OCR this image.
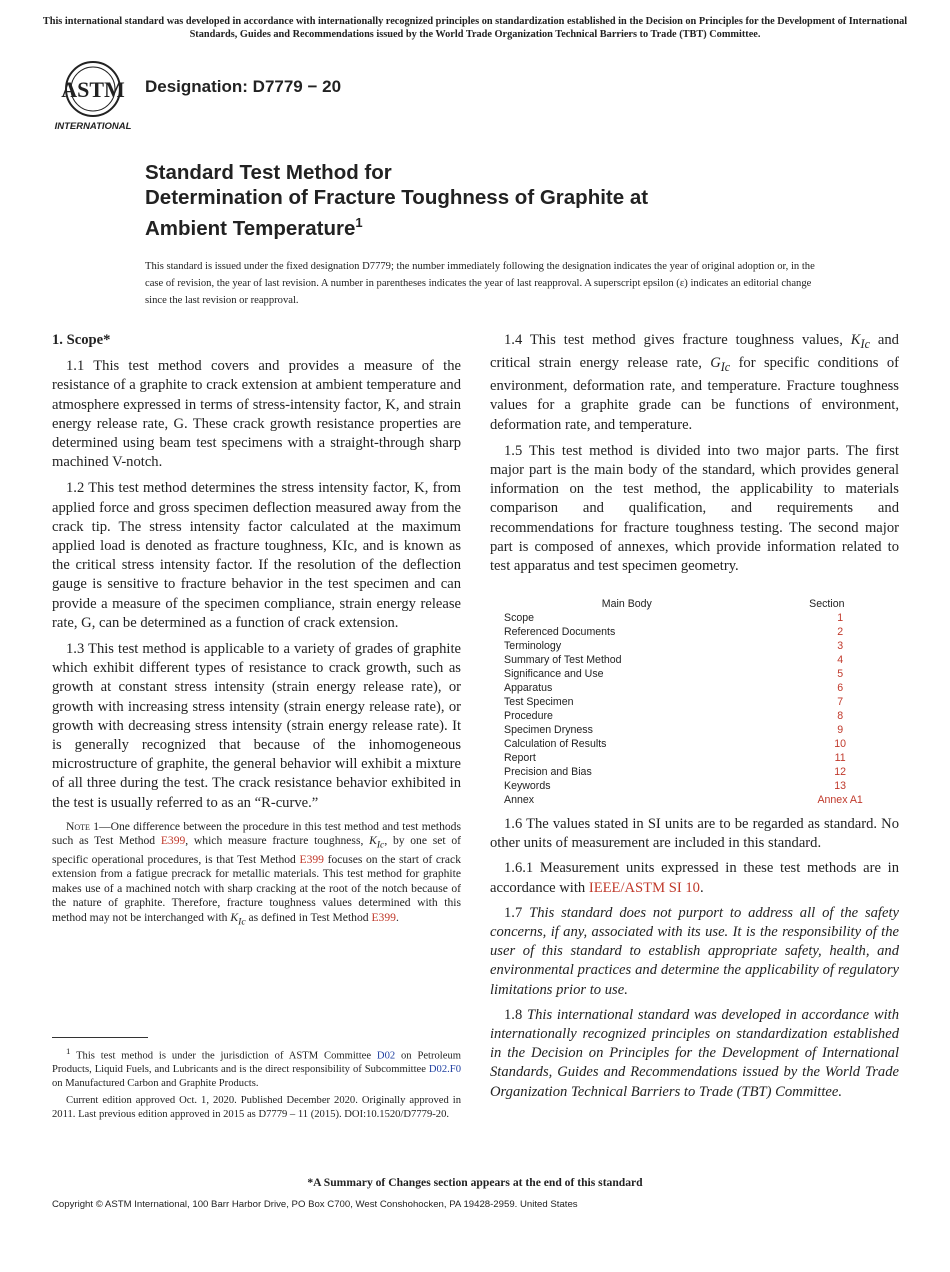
This international standard was developed in accordance with internationally recognized principles on standardization established in the Decision on Principles for the Development of International Standards, Guides and Recommendations issued by the World Trade Organization Technical Barriers to Trade (TBT) Committee.
ASTM
INTERNATIONAL
Designation: D7779 − 20
Standard Test Method for
Determination of Fracture Toughness of Graphite at
Ambient Temperature$^1$
This standard is issued under the fixed designation D7779; the number immediately following the designation indicates the year of original adoption or, in the case of revision, the year of last revision. A number in parentheses indicates the year of last reapproval. A superscript epsilon (ε) indicates an editorial change since the last revision or reapproval.

1. Scope*

1.1 This test method covers and provides a measure of the resistance of a graphite to crack extension at ambient temperature and atmosphere expressed in terms of stress-intensity factor, K, and strain energy release rate, G. These crack growth resistance properties are determined using beam test specimens with a straight-through sharp machined V-notch.

1.2 This test method determines the stress intensity factor, K, from applied force and gross specimen deflection measured away from the crack tip. The stress intensity factor calculated at the maximum applied load is denoted as fracture toughness, KIc, and is known as the critical stress intensity factor. If the resolution of the deflection gauge is sensitive to fracture behavior in the test specimen and can provide a measure of the specimen compliance, strain energy release rate, G, can be determined as a function of crack extension.

1.3 This test method is applicable to a variety of grades of graphite which exhibit different types of resistance to crack growth, such as growth at constant stress intensity (strain energy release rate), or growth with increasing stress intensity (strain energy release rate), or growth with decreasing stress intensity (strain energy release rate). It is generally recognized that because of the inhomogeneous microstructure of graphite, the general behavior will exhibit a mixture of all three during the test. The crack resistance behavior exhibited in the test is usually referred to as an “R-curve.”

Note 1—One difference between the procedure in this test method and test methods such as Test Method E399, which measure fracture toughness, $K_{Ic}$, by one set of specific operational procedures, is that Test Method E399 focuses on the start of crack extension from a fatigue precrack for metallic materials. This test method for graphite makes use of a machined notch with sharp cracking at the root of the notch because of the nature of graphite. Therefore, fracture toughness values determined with this method may not be interchanged with $K_{Ic}$ as defined in Test Method E399.

$^1$ This test method is under the jurisdiction of ASTM Committee D02 on Petroleum Products, Liquid Fuels, and Lubricants and is the direct responsibility of Subcommittee D02.F0 on Manufactured Carbon and Graphite Products.

Current edition approved Oct. 1, 2020. Published December 2020. Originally approved in 2011. Last previous edition approved in 2015 as D7779 – 11 (2015). DOI:10.1520/D7779-20.

1.4 This test method gives fracture toughness values, $K_{Ic}$ and critical strain energy release rate, $G_{Ic}$ for specific conditions of environment, deformation rate, and temperature. Fracture toughness values for a graphite grade can be functions of environment, deformation rate, and temperature.

1.5 This test method is divided into two major parts. The first major part is the main body of the standard, which provides general information on the test method, the applicability to materials comparison and qualification, and requirements and recommendations for fracture toughness testing. The second major part is composed of annexes, which provide information related to test apparatus and test specimen geometry.

Main Body	Section
Scope	1
Referenced Documents	2
Terminology	3
Summary of Test Method	4
Significance and Use	5
Apparatus	6
Test Specimen	7
Procedure	8
Specimen Dryness	9
Calculation of Results	10
Report	11
Precision and Bias	12
Keywords	13
Annex	Annex A1

1.6 The values stated in SI units are to be regarded as standard. No other units of measurement are included in this standard.

1.6.1 Measurement units expressed in these test methods are in accordance with IEEE/ASTM SI 10.

1.7 This standard does not purport to address all of the safety concerns, if any, associated with its use. It is the responsibility of the user of this standard to establish appropriate safety, health, and environmental practices and determine the applicability of regulatory limitations prior to use.

1.8 This international standard was developed in accordance with internationally recognized principles on standardization established in the Decision on Principles for the Development of International Standards, Guides and Recommendations issued by the World Trade Organization Technical Barriers to Trade (TBT) Committee.

*A Summary of Changes section appears at the end of this standard
Copyright © ASTM International, 100 Barr Harbor Drive, PO Box C700, West Conshohocken, PA 19428-2959. United States
